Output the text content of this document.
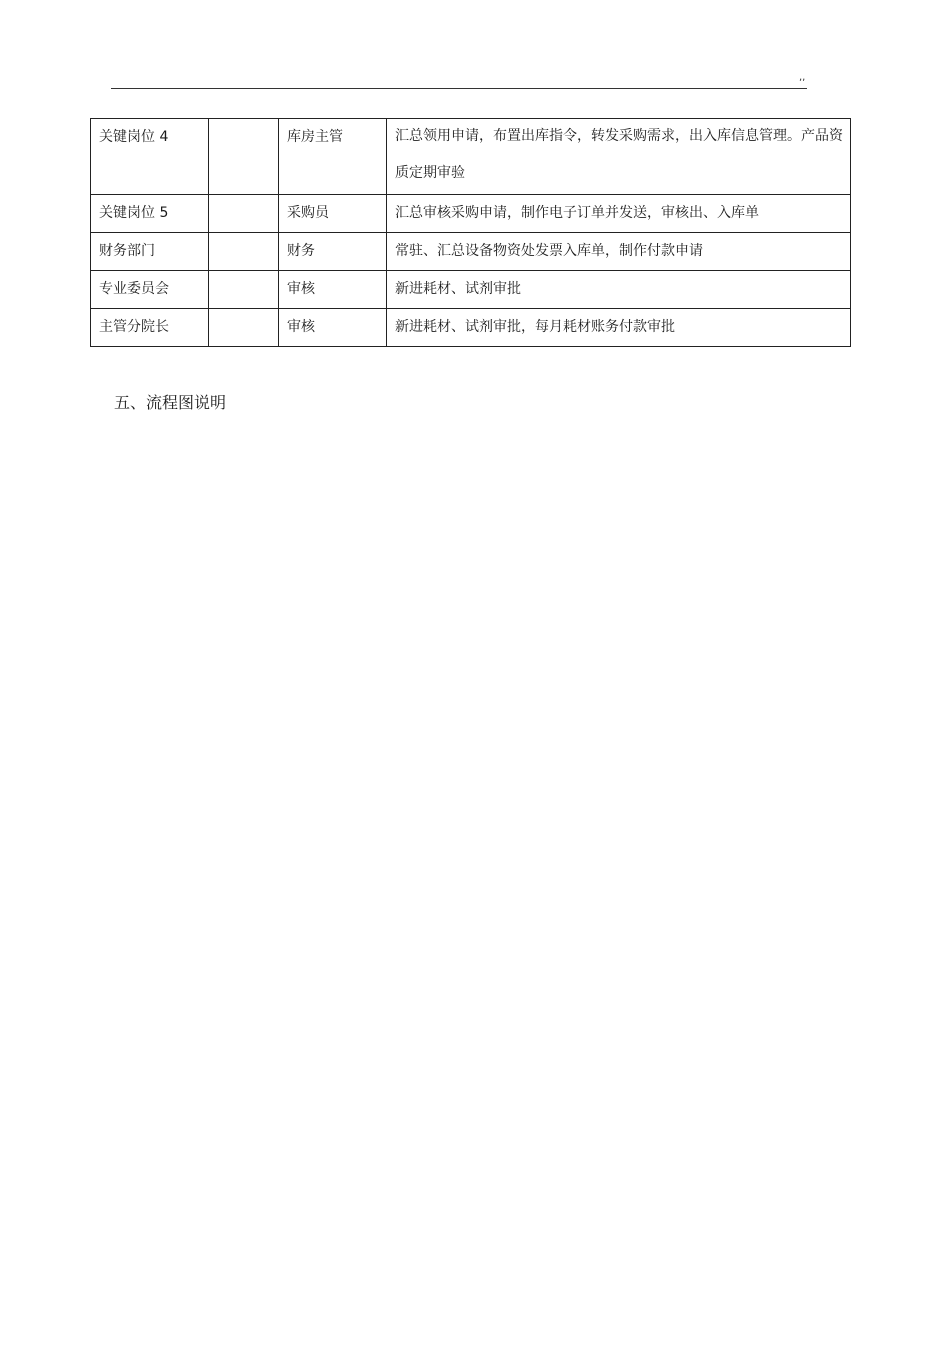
,,
关键岗位 4		库房主管	汇总领用申请，布置出库指令，转发采购需求，出入库信息管理。产品资质定期审验

关键岗位 5		采购员	汇总审核采购申请，制作电子订单并发送，审核出、入库单

财务部门		财务	常驻、汇总设备物资处发票入库单，制作付款申请

专业委员会		审核	新进耗材、试剂审批

主管分院长		审核	新进耗材、试剂审批，每月耗材账务付款审批
五、流程图说明
